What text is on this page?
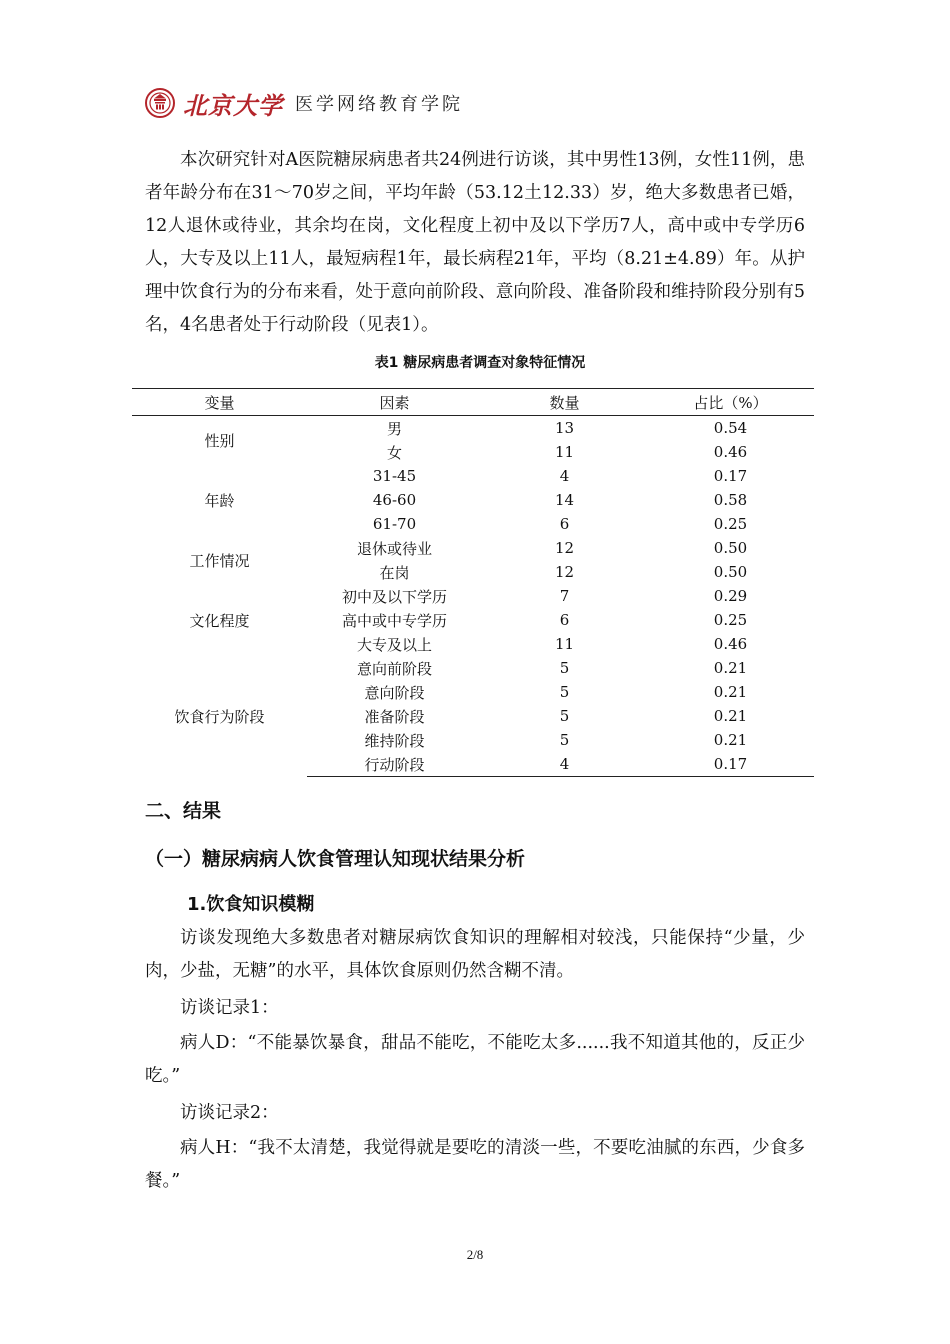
北京大学 医学网络教育学院

本次研究针对A医院糖尿病患者共24例进行访谈，其中男性13例，女性11例，患者年龄分布在31～70岁之间，平均年龄（53.12土12.33）岁，绝大多数患者已婚，12人退休或待业，其余均在岗，文化程度上初中及以下学历7人，高中或中专学历6人，大专及以上11人，最短病程1年，最长病程21年，平均（8.21±4.89）年。从护理中饮食行为的分布来看，处于意向前阶段、意向阶段、准备阶段和维持阶段分别有5名，4名患者处于行动阶段（见表1）。

表1 糖尿病患者调查对象特征情况
变量	因素	数量	占比（%）
性别	男	13	0.54
	女	11	0.46
年龄	31-45	4	0.17
	46-60	14	0.58
	61-70	6	0.25
工作情况	退休或待业	12	0.50
	在岗	12	0.50
文化程度	初中及以下学历	7	0.29
	高中或中专学历	6	0.25
	大专及以上	11	0.46
饮食行为阶段	意向前阶段	5	0.21
	意向阶段	5	0.21
	准备阶段	5	0.21
	维持阶段	5	0.21
	行动阶段	4	0.17
二、结果
（一）糖尿病病人饮食管理认知现状结果分析
1.饮食知识模糊

访谈发现绝大多数患者对糖尿病饮食知识的理解相对较浅，只能保持“少量，少肉，少盐，无糖”的水平，具体饮食原则仍然含糊不清。

访谈记录1：

病人D：“不能暴饮暴食，甜品不能吃，不能吃太多......我不知道其他的，反正少吃。”

访谈记录2：

病人H：“我不太清楚，我觉得就是要吃的清淡一些，不要吃油腻的东西，少食多餐。”

2/8
